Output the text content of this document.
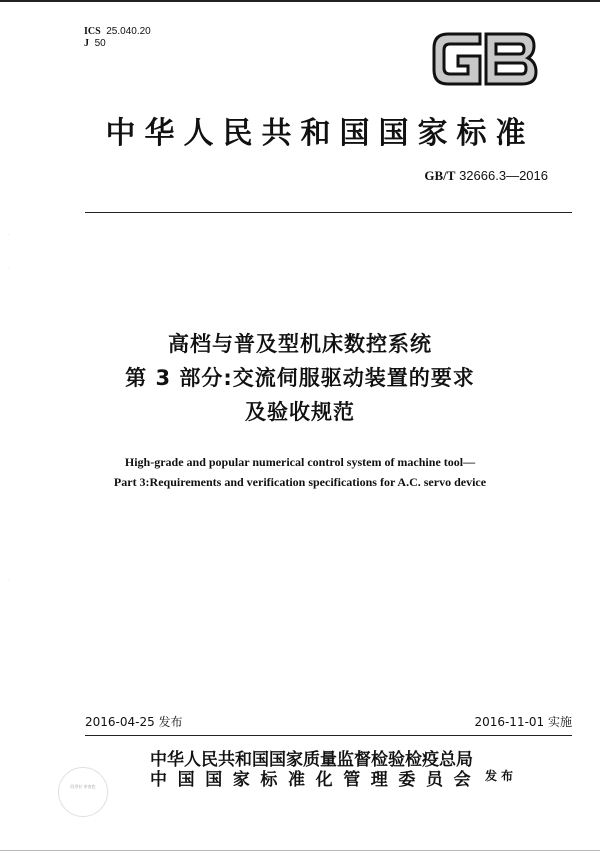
ICS 25.040.20
J 50
中华人民共和国国家标准
GB/T 32666.3—2016
·
·
·
高档与普及型机床数控系统
第 3 部分:交流伺服驱动装置的要求
及验收规范
High-grade and popular numerical control system of machine tool—
Part 3:Requirements and verification specifications for A.C. servo device
2016-04-25 发布	2016-11-01 实施
回形针 审查色
中华人民共和国国家质量监督检验检疫总局
中国国家标准化管理委员会 发布
